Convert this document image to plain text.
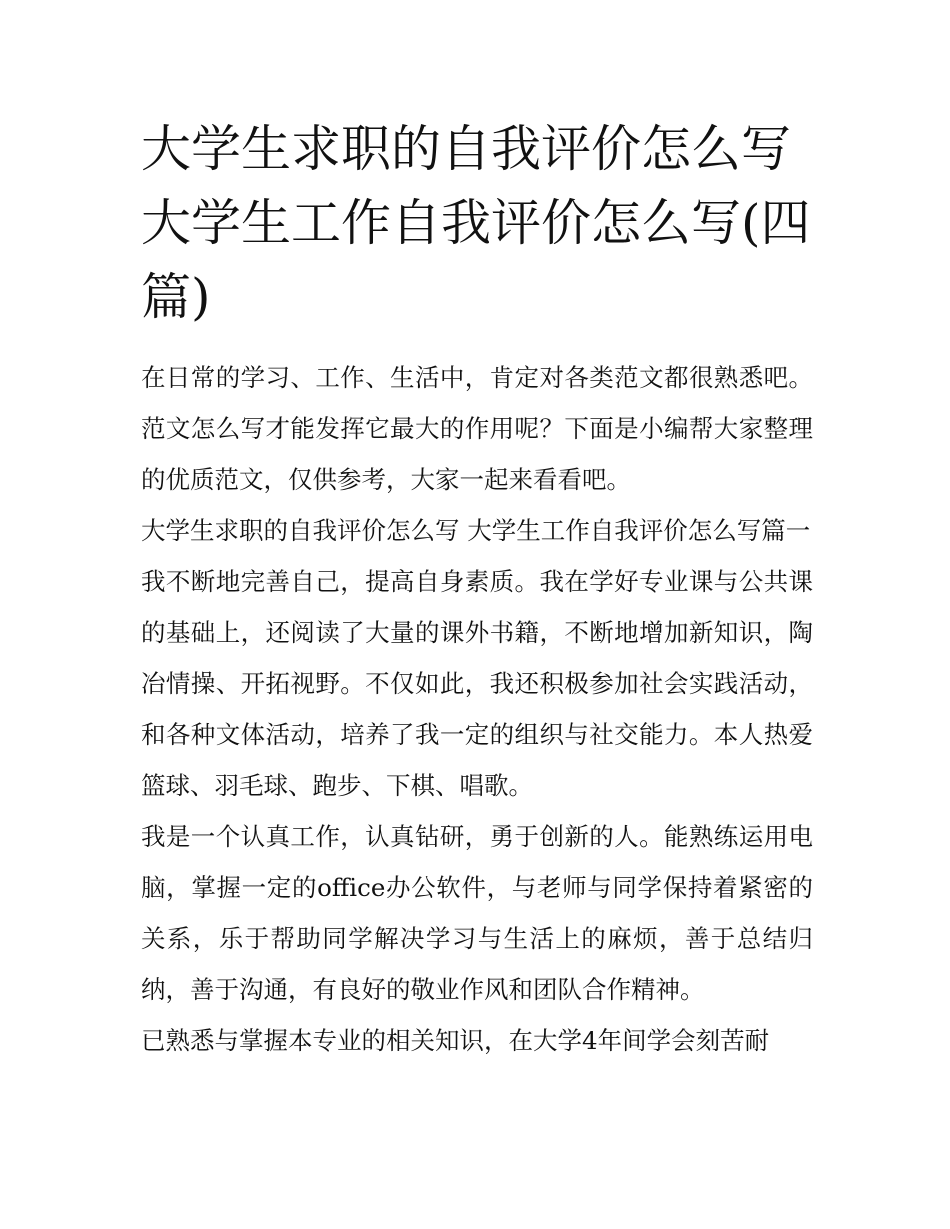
大学生求职的自我评价怎么写 大学生工作自我评价怎么写(四篇)

在日常的学习、工作、生活中，肯定对各类范文都很熟悉吧。范文怎么写才能发挥它最大的作用呢？下面是小编帮大家整理的优质范文，仅供参考，大家一起来看看吧。

大学生求职的自我评价怎么写 大学生工作自我评价怎么写篇一

我不断地完善自己，提高自身素质。我在学好专业课与公共课的基础上，还阅读了大量的课外书籍，不断地增加新知识，陶冶情操、开拓视野。不仅如此，我还积极参加社会实践活动，和各种文体活动，培养了我一定的组织与社交能力。本人热爱篮球、羽毛球、跑步、下棋、唱歌。

我是一个认真工作，认真钻研，勇于创新的人。能熟练运用电脑，掌握一定的office办公软件，与老师与同学保持着紧密的关系，乐于帮助同学解决学习与生活上的麻烦，善于总结归纳，善于沟通，有良好的敬业作风和团队合作精神。

已熟悉与掌握本专业的相关知识，在大学4年间学会刻苦耐
